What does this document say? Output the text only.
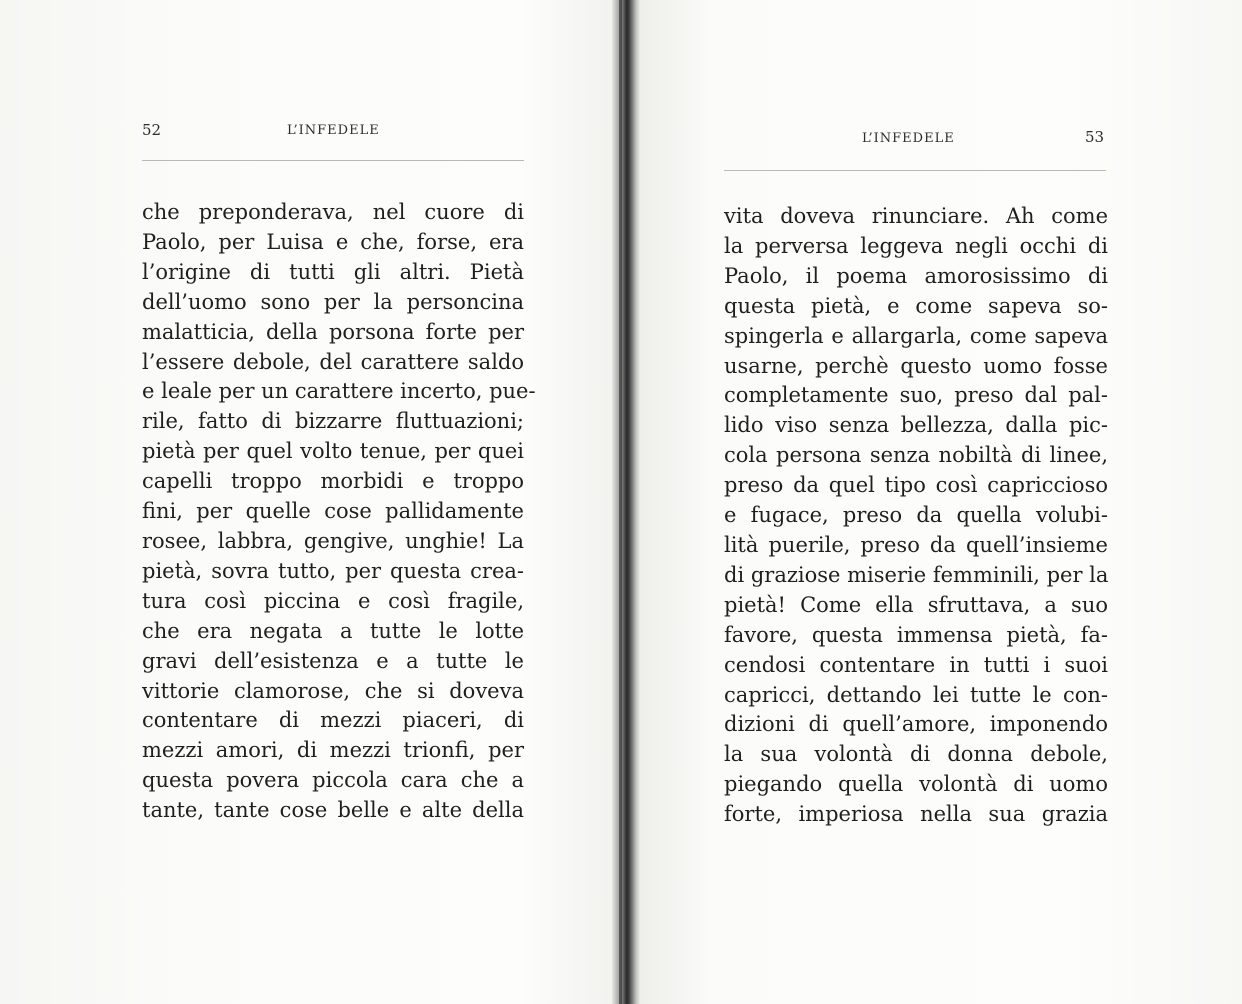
52	L’INFEDELE
che preponderava, nel cuore di
Paolo, per Luisa e che, forse, era
l’origine di tutti gli altri. Pietà
dell’uomo sono per la personcina
malatticia, della porsona forte per
l’essere debole, del carattere saldo
e leale per un carattere incerto, pue-
rile, fatto di bizzarre fluttuazioni;
pietà per quel volto tenue, per quei
capelli troppo morbidi e troppo
fini, per quelle cose pallidamente
rosee, labbra, gengive, unghie! La
pietà, sovra tutto, per questa crea-
tura così piccina e così fragile,
che era negata a tutte le lotte
gravi dell’esistenza e a tutte le
vittorie clamorose, che si doveva
contentare di mezzi piaceri, di
mezzi amori, di mezzi trionfi, per
questa povera piccola cara che a
tante, tante cose belle e alte della
L’INFEDELE	53
vita doveva rinunciare. Ah come
la perversa leggeva negli occhi di
Paolo, il poema amorosissimo di
questa pietà, e come sapeva so-
spingerla e allargarla, come sapeva
usarne, perchè questo uomo fosse
completamente suo, preso dal pal-
lido viso senza bellezza, dalla pic-
cola persona senza nobiltà di linee,
preso da quel tipo così capriccioso
e fugace, preso da quella volubi-
lità puerile, preso da quell’insieme
di graziose miserie femminili, per la
pietà! Come ella sfruttava, a suo
favore, questa immensa pietà, fa-
cendosi contentare in tutti i suoi
capricci, dettando lei tutte le con-
dizioni di quell’amore, imponendo
la sua volontà di donna debole,
piegando quella volontà di uomo
forte, imperiosa nella sua grazia
